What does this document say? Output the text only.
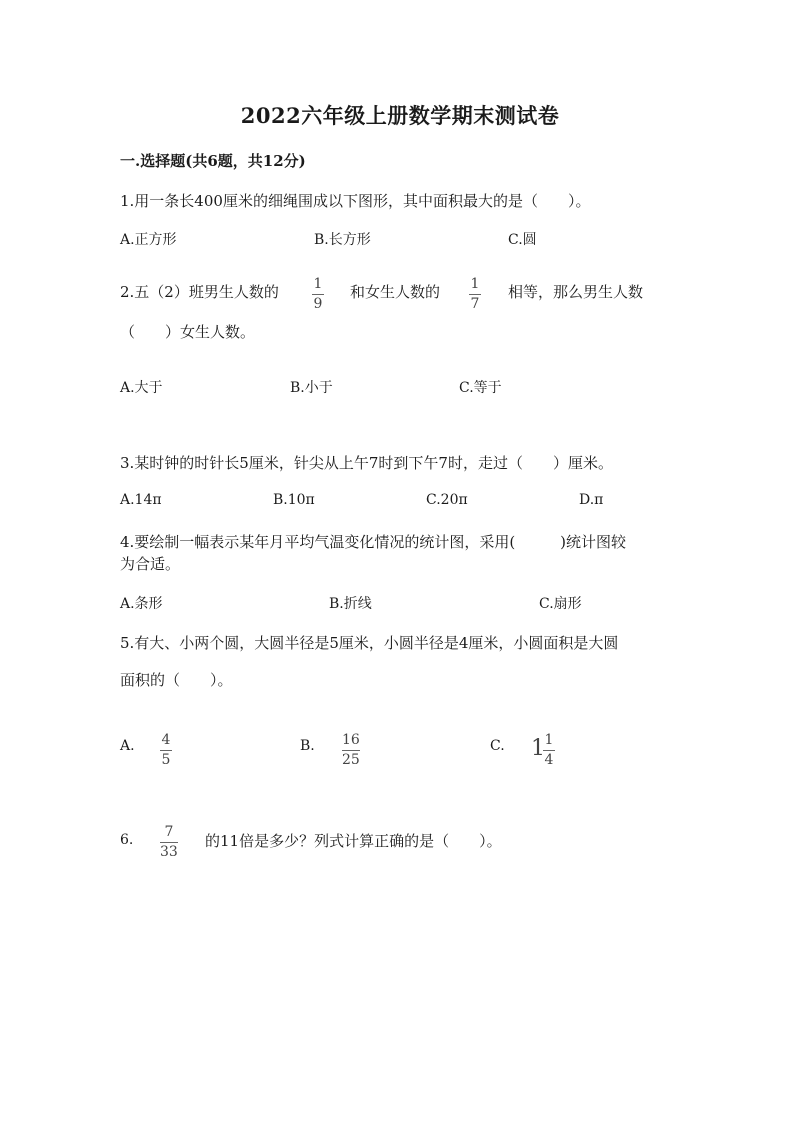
2022六年级上册数学期末测试卷
一.选择题(共6题，共12分)
1.用一条长400厘米的细绳围成以下图形，其中面积最大的是（　　）。
A.正方形	B.长方形	C.圆
2.五（2）班男生人数的 1
9
和女生人数的 1
7
相等，那么男生人数
（　　）女生人数。
A.大于	B.小于	C.等于
3.某时钟的时针长5厘米，针尖从上午7时到下午7时，走过（　　）厘米。
A.14π	B.10π	C.20π	D.π
4.要绘制一幅表示某年月平均气温变化情况的统计图，采用(　　　)统计图较
为合适。
A.条形	B.折线	C.扇形
5.有大、小两个圆，大圆半径是5厘米，小圆半径是4厘米，小圆面积是大圆
面积的（　　）。
A. 4
5
B. 16
25
C. 1 1
4
6. 7
33
的11倍是多少？列式计算正确的是（　　）。
